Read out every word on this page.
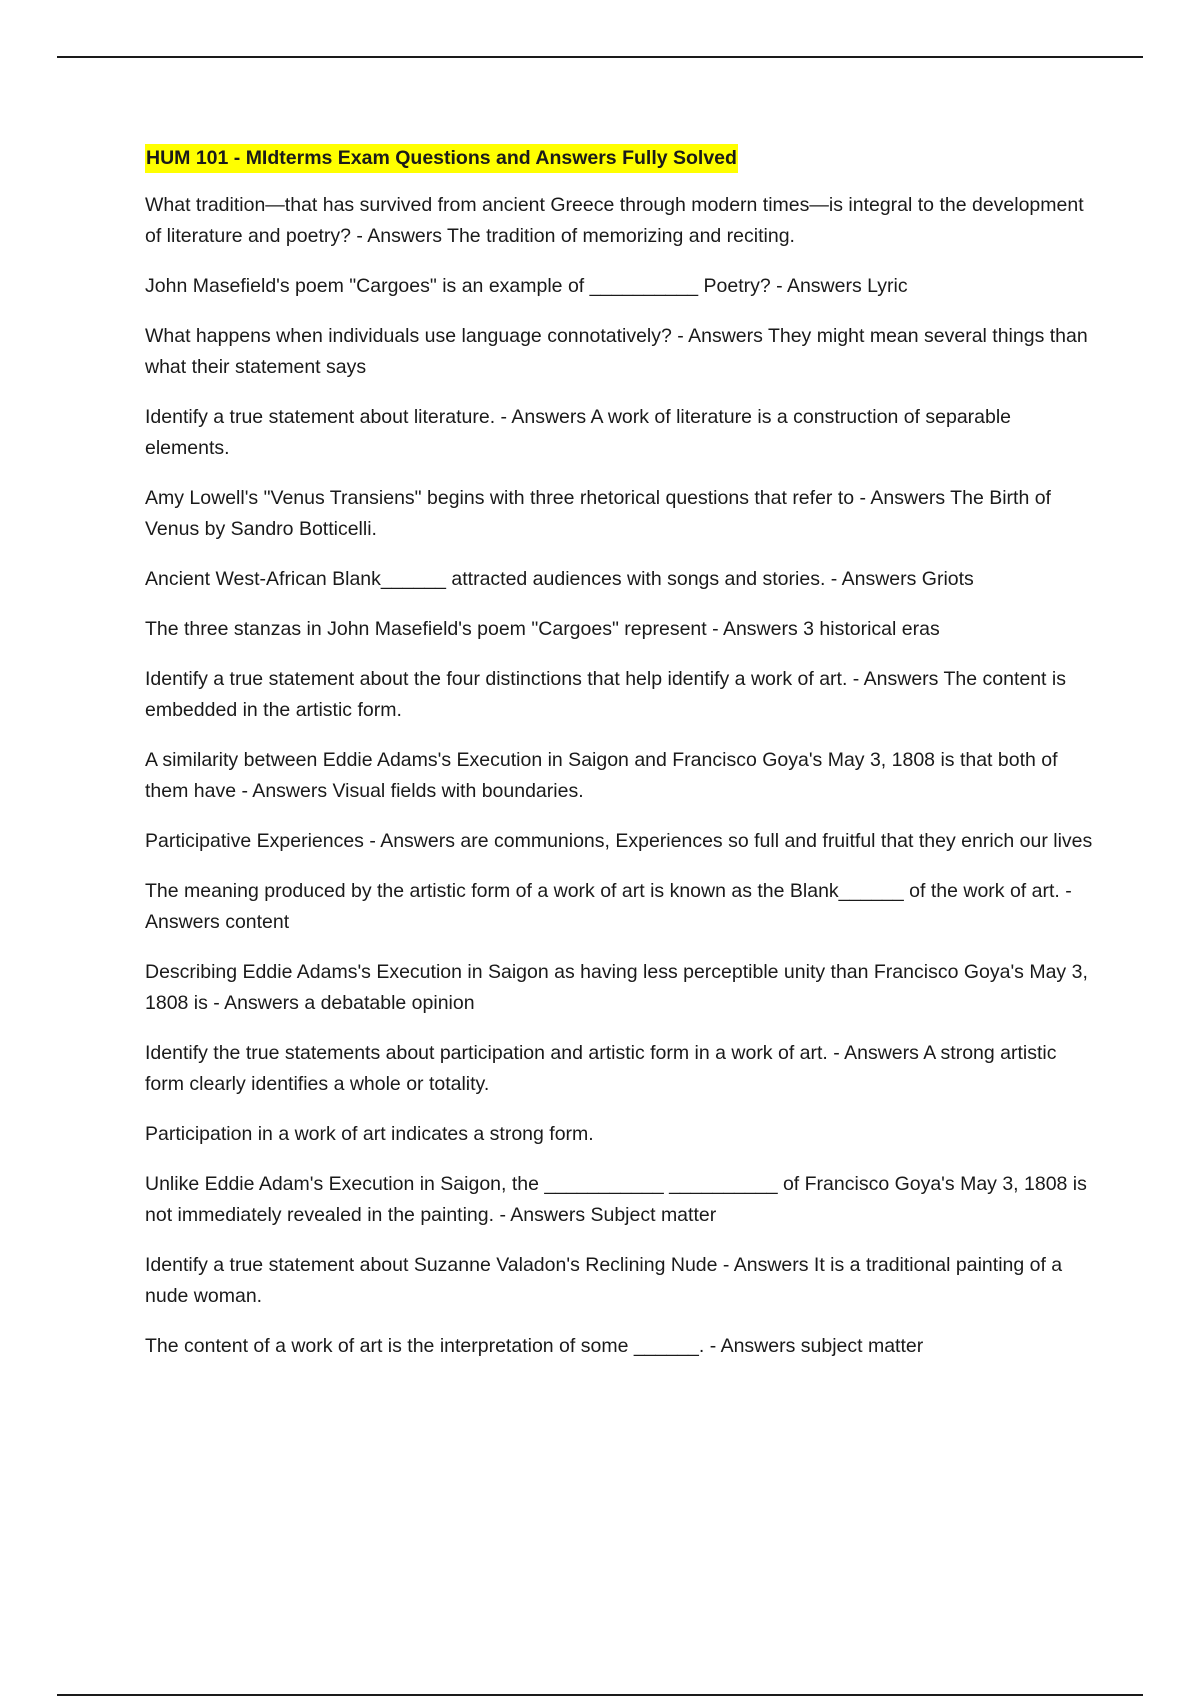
HUM 101 - MIdterms Exam Questions and Answers Fully Solved

What tradition—that has survived from ancient Greece through modern times—is integral to the development of literature and poetry? - Answers The tradition of memorizing and reciting.

John Masefield's poem "Cargoes" is an example of __________ Poetry? - Answers Lyric

What happens when individuals use language connotatively? - Answers They might mean several things than what their statement says

Identify a true statement about literature. - Answers A work of literature is a construction of separable elements.

Amy Lowell's "Venus Transiens" begins with three rhetorical questions that refer to - Answers The Birth of Venus by Sandro Botticelli.

Ancient West-African Blank______ attracted audiences with songs and stories. - Answers Griots

The three stanzas in John Masefield's poem "Cargoes" represent - Answers 3 historical eras

Identify a true statement about the four distinctions that help identify a work of art. - Answers The content is embedded in the artistic form.

A similarity between Eddie Adams's Execution in Saigon and Francisco Goya's May 3, 1808 is that both of them have - Answers Visual fields with boundaries.

Participative Experiences - Answers are communions, Experiences so full and fruitful that they enrich our lives

The meaning produced by the artistic form of a work of art is known as the Blank______ of the work of art. - Answers content

Describing Eddie Adams's Execution in Saigon as having less perceptible unity than Francisco Goya's May 3, 1808 is - Answers a debatable opinion

Identify the true statements about participation and artistic form in a work of art. - Answers A strong artistic form clearly identifies a whole or totality.

Participation in a work of art indicates a strong form.

Unlike Eddie Adam's Execution in Saigon, the ___________ __________ of Francisco Goya's May 3, 1808 is not immediately revealed in the painting. - Answers Subject matter

Identify a true statement about Suzanne Valadon's Reclining Nude - Answers It is a traditional painting of a nude woman.

The content of a work of art is the interpretation of some ______. - Answers subject matter
